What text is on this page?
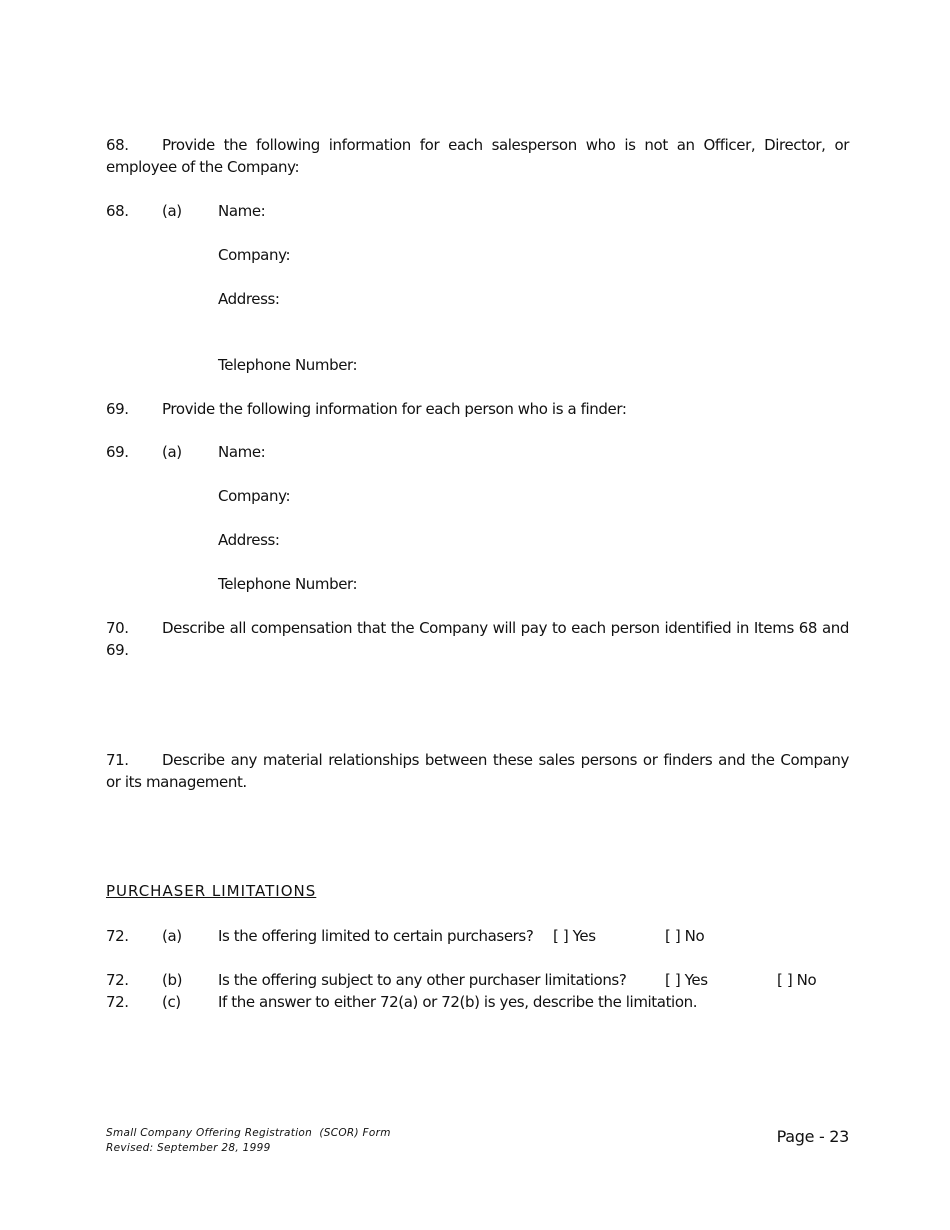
68. Provide the following information for each salesperson who is not an Officer, Director, or employee of the Company:
68. (a) Name:
Company:
Address:
Telephone Number:
69. Provide the following information for each person who is a finder:
69. (a) Name:
Company:
Address:
Telephone Number:
70. Describe all compensation that the Company will pay to each person identified in Items 68 and 69.
71. Describe any material relationships between these sales persons or finders and the Company or its management.
PURCHASER LIMITATIONS
72. (a) Is the offering limited to certain purchasers? [ ] Yes	[ ] No
72. (b) Is the offering subject to any other purchaser limitations?	[ ] Yes	[ ] No
72. (c) If the answer to either 72(a) or 72(b) is yes, describe the limitation.
Small Company Offering Registration  (SCOR) Form
Revised: September 28, 1999
Page - 23
